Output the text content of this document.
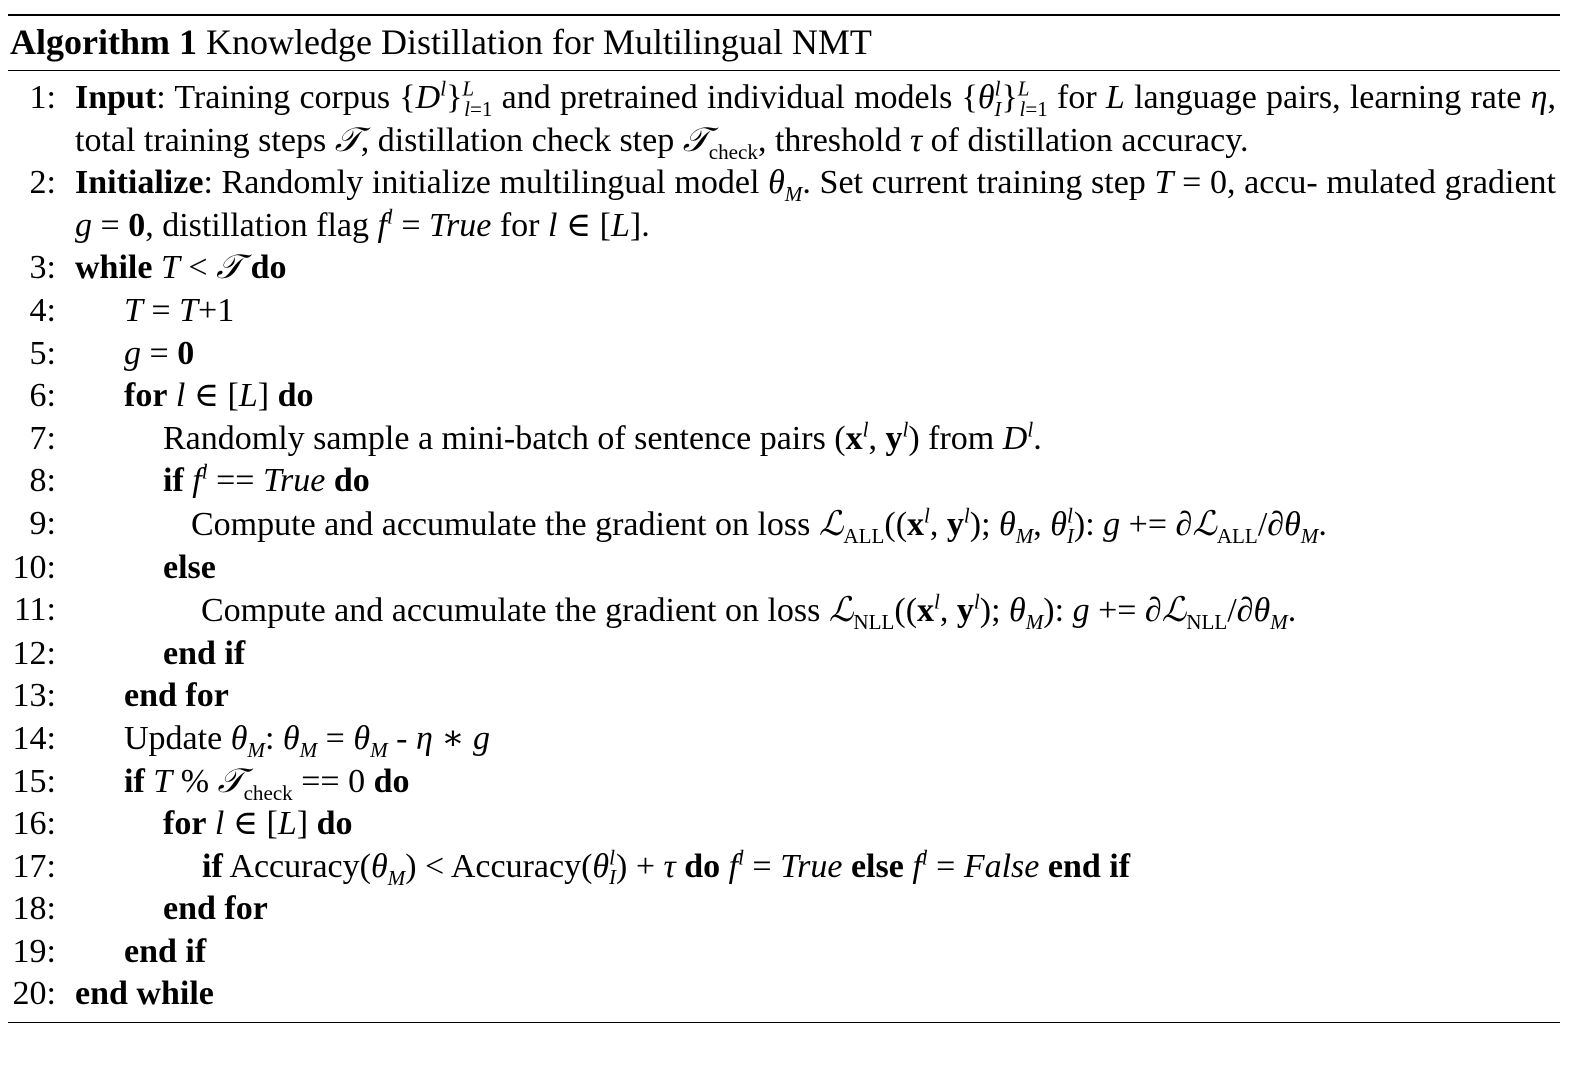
Algorithm 1 Knowledge Distillation for Multilingual NMT
1: Input: Training corpus $\{D^l\}^L_{l=1}$ and pretrained individual models $\{\theta^l_I\}^L_{l=1}$ for L language pairs, learning rate η, total training steps 𝒯, distillation check step 𝒯$_{check}$, threshold τ of distillation accuracy.
2: Initialize: Randomly initialize multilingual model $\theta_M$. Set current training step T = 0, accu- mulated gradient g = 0, distillation flag $f^l$ = True for l ∈ [L].
3: while T < 𝒯 do
4: T = T+1
5: g = 0
6: for l ∈ [L] do
7:	Randomly sample a mini-batch of sentence pairs ($x^l$, $y^l$) from $D^l$.
8:	if $f^l$ == True do
9:	Compute and accumulate the gradient on loss $ℒ_{ALL}((x^l$, $y^l$); $\theta_M$, $\theta^l_I$): $g += \partial ℒ_{ALL}/\partial\theta_M$.
10:	else
11:	Compute and accumulate the gradient on loss $ℒ_{NLL}((x^l$, $y^l$); $\theta_M$): $g += \partial ℒ_{NLL}/\partial\theta_M$.
12:	end if
13: end for
14: Update $\theta_M$: $\theta_M = \theta_M - \eta$ ∗ g
15: if T % 𝒯$_{check}$ == 0 do
16:	for l ∈ [L] do
17:	if $Accuracy(\theta_M)$ < $Accuracy(\theta^l_I) + \tau$ do $f^l$ = True else $f^l$ = False end if
18:	end for
19: end if
20: end while
